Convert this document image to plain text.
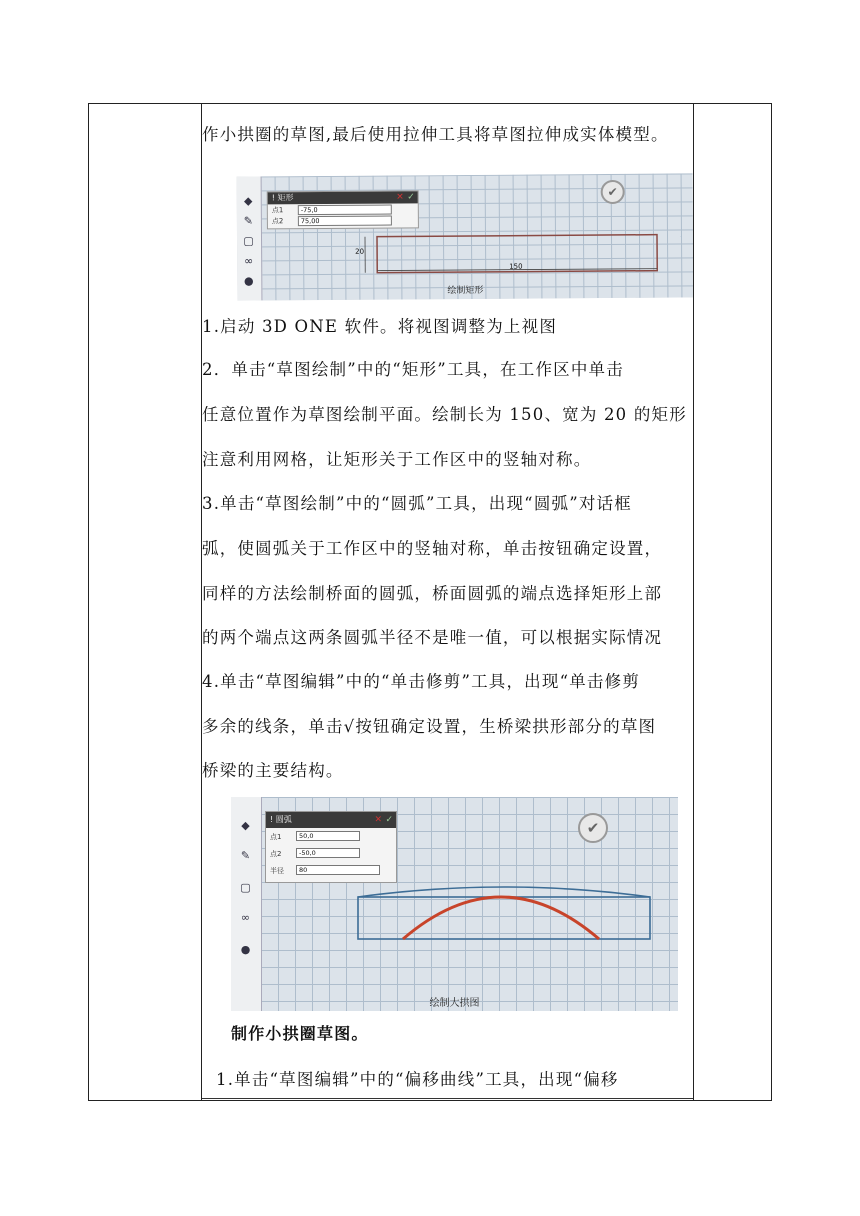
作小拱圈的草图,最后使用拉伸工具将草图拉伸成实体模型。
◆
✎
▢
∞
●
! 矩形	✕ ✓
点1	-75,0
点2	75,00
✔
20
150
绘制矩形
1.启动 3D ONE 软件。将视图调整为上视图
2．单击“草图绘制”中的“矩形”工具，在工作区中单击
任意位置作为草图绘制平面。绘制长为 150、宽为 20 的矩形
注意利用网格，让矩形关于工作区中的竖轴对称。
3.单击“草图绘制”中的“圆弧”工具，出现“圆弧”对话框
弧，使圆弧关于工作区中的竖轴对称，单击按钮确定设置，
同样的方法绘制桥面的圆弧，桥面圆弧的端点选择矩形上部
的两个端点这两条圆弧半径不是唯一值，可以根据实际情况
4.单击“草图编辑”中的“单击修剪”工具，出现“单击修剪
多余的线条，单击√按钮确定设置，生桥梁拱形部分的草图
桥梁的主要结构。
◆
✎
▢
∞
●
! 圆弧	✕ ✓
点1	50,0
点2	-50,0
半径	80
✔
绘制大拱图
制作小拱圈草图。
1.单击“草图编辑”中的“偏移曲线”工具，出现“偏移
